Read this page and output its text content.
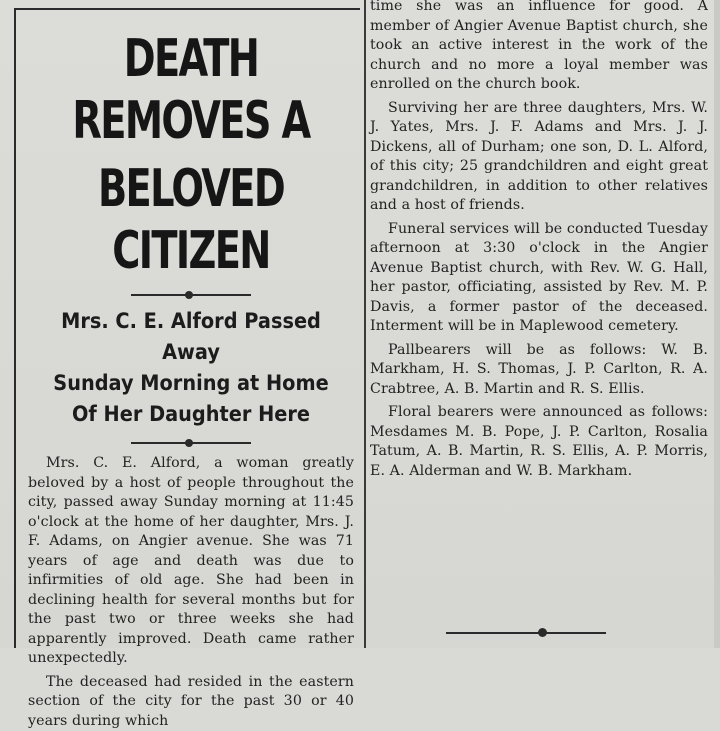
DEATH REMOVES A
BELOVED CITIZEN
Mrs. C. E. Alford Passed Away
Sunday Morning at Home
Of Her Daughter Here

Mrs. C. E. Alford, a woman greatly beloved by a host of people throughout the city, passed away Sunday morning at 11:45 o'clock at the home of her daughter, Mrs. J. F. Adams, on Angier avenue. She was 71 years of age and death was due to infirmities of old age. She had been in declining health for several months but for the past two or three weeks she had apparently improved. Death came rather unexpectedly.

The deceased had resided in the eastern section of the city for the past 30 or 40 years during which

time she was an influence for good. A member of Angier Avenue Baptist church, she took an active interest in the work of the church and no more a loyal member was enrolled on the church book.

Surviving her are three daughters, Mrs. W. J. Yates, Mrs. J. F. Adams and Mrs. J. J. Dickens, all of Durham; one son, D. L. Alford, of this city; 25 grandchildren and eight great grandchildren, in addition to other relatives and a host of friends.

Funeral services will be conducted Tuesday afternoon at 3:30 o'clock in the Angier Avenue Baptist church, with Rev. W. G. Hall, her pastor, officiating, assisted by Rev. M. P. Davis, a former pastor of the deceased. Interment will be in Maplewood cemetery.

Pallbearers will be as follows: W. B. Markham, H. S. Thomas, J. P. Carlton, R. A. Crabtree, A. B. Martin and R. S. Ellis.

Floral bearers were announced as follows: Mesdames M. B. Pope, J. P. Carlton, Rosalia Tatum, A. B. Martin, R. S. Ellis, A. P. Morris, E. A. Alderman and W. B. Markham.
